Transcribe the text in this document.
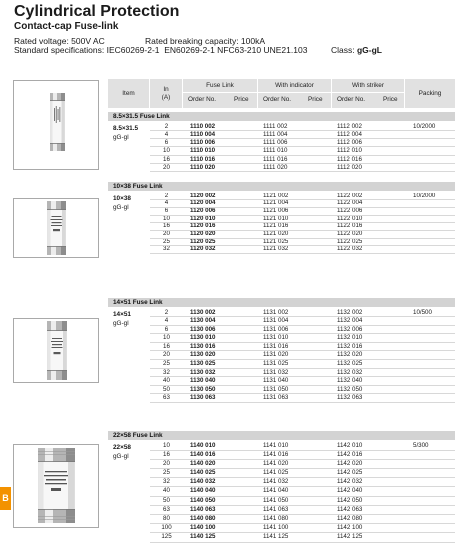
Cylindrical Protection
Contact-cap Fuse-link
Rated voltage: 500V AC	Rated breaking capacity: 100kA
Standard specifications: IEC60269-2-1  EN60269-2-1 NFC63-210 UNE21.103	Class: gG-gL
Item
In
(A)
Fuse Link
Order No.	Price
With indicator
Order No.	Price
With striker
Order No.	Price
Packing
8.5×31.5 Fuse Link
8.5×31.5
gG-gl
2	1110 002	1111 002	1112 002	10/2000
4	1110 004	1111 004	1112 004
6	1110 006	1111 006	1112 006
10	1110 010	1111 010	1112 010
16	1110 016	1111 016	1112 016
20	1110 020	1111 020	1112 020
10×38 Fuse Link
10×38
gG-gl
2	1120 002	1121 002	1122 002	10/2000
4	1120 004	1121 004	1122 004
6	1120 006	1121 006	1122 006
10	1120 010	1121 010	1122 010
16	1120 016	1121 016	1122 016
20	1120 020	1121 020	1122 020
25	1120 025	1121 025	1122 025
32	1120 032	1121 032	1122 032
14×51 Fuse Link
14×51
gG-gl
2	1130 002	1131 002	1132 002	10/500
4	1130 004	1131 004	1132 004
6	1130 006	1131 006	1132 006
10	1130 010	1131 010	1132 010
16	1130 016	1131 016	1132 016
20	1130 020	1131 020	1132 020
25	1130 025	1131 025	1132 025
32	1130 032	1131 032	1132 032
40	1130 040	1131 040	1132 040
50	1130 050	1131 050	1132 050
63	1130 063	1131 063	1132 063
22×58 Fuse Link
22×58
gG-gl
10	1140 010	1141 010	1142 010	5/300
16	1140 016	1141 016	1142 016
20	1140 020	1141 020	1142 020
25	1140 025	1141 025	1142 025
32	1140 032	1141 032	1142 032
40	1140 040	1141 040	1142 040
50	1140 050	1141 050	1142 050
63	1140 063	1141 063	1142 063
80	1140 080	1141 080	1142 080
100	1140 100	1141 100	1142 100
125	1140 125	1141 125	1142 125
B
